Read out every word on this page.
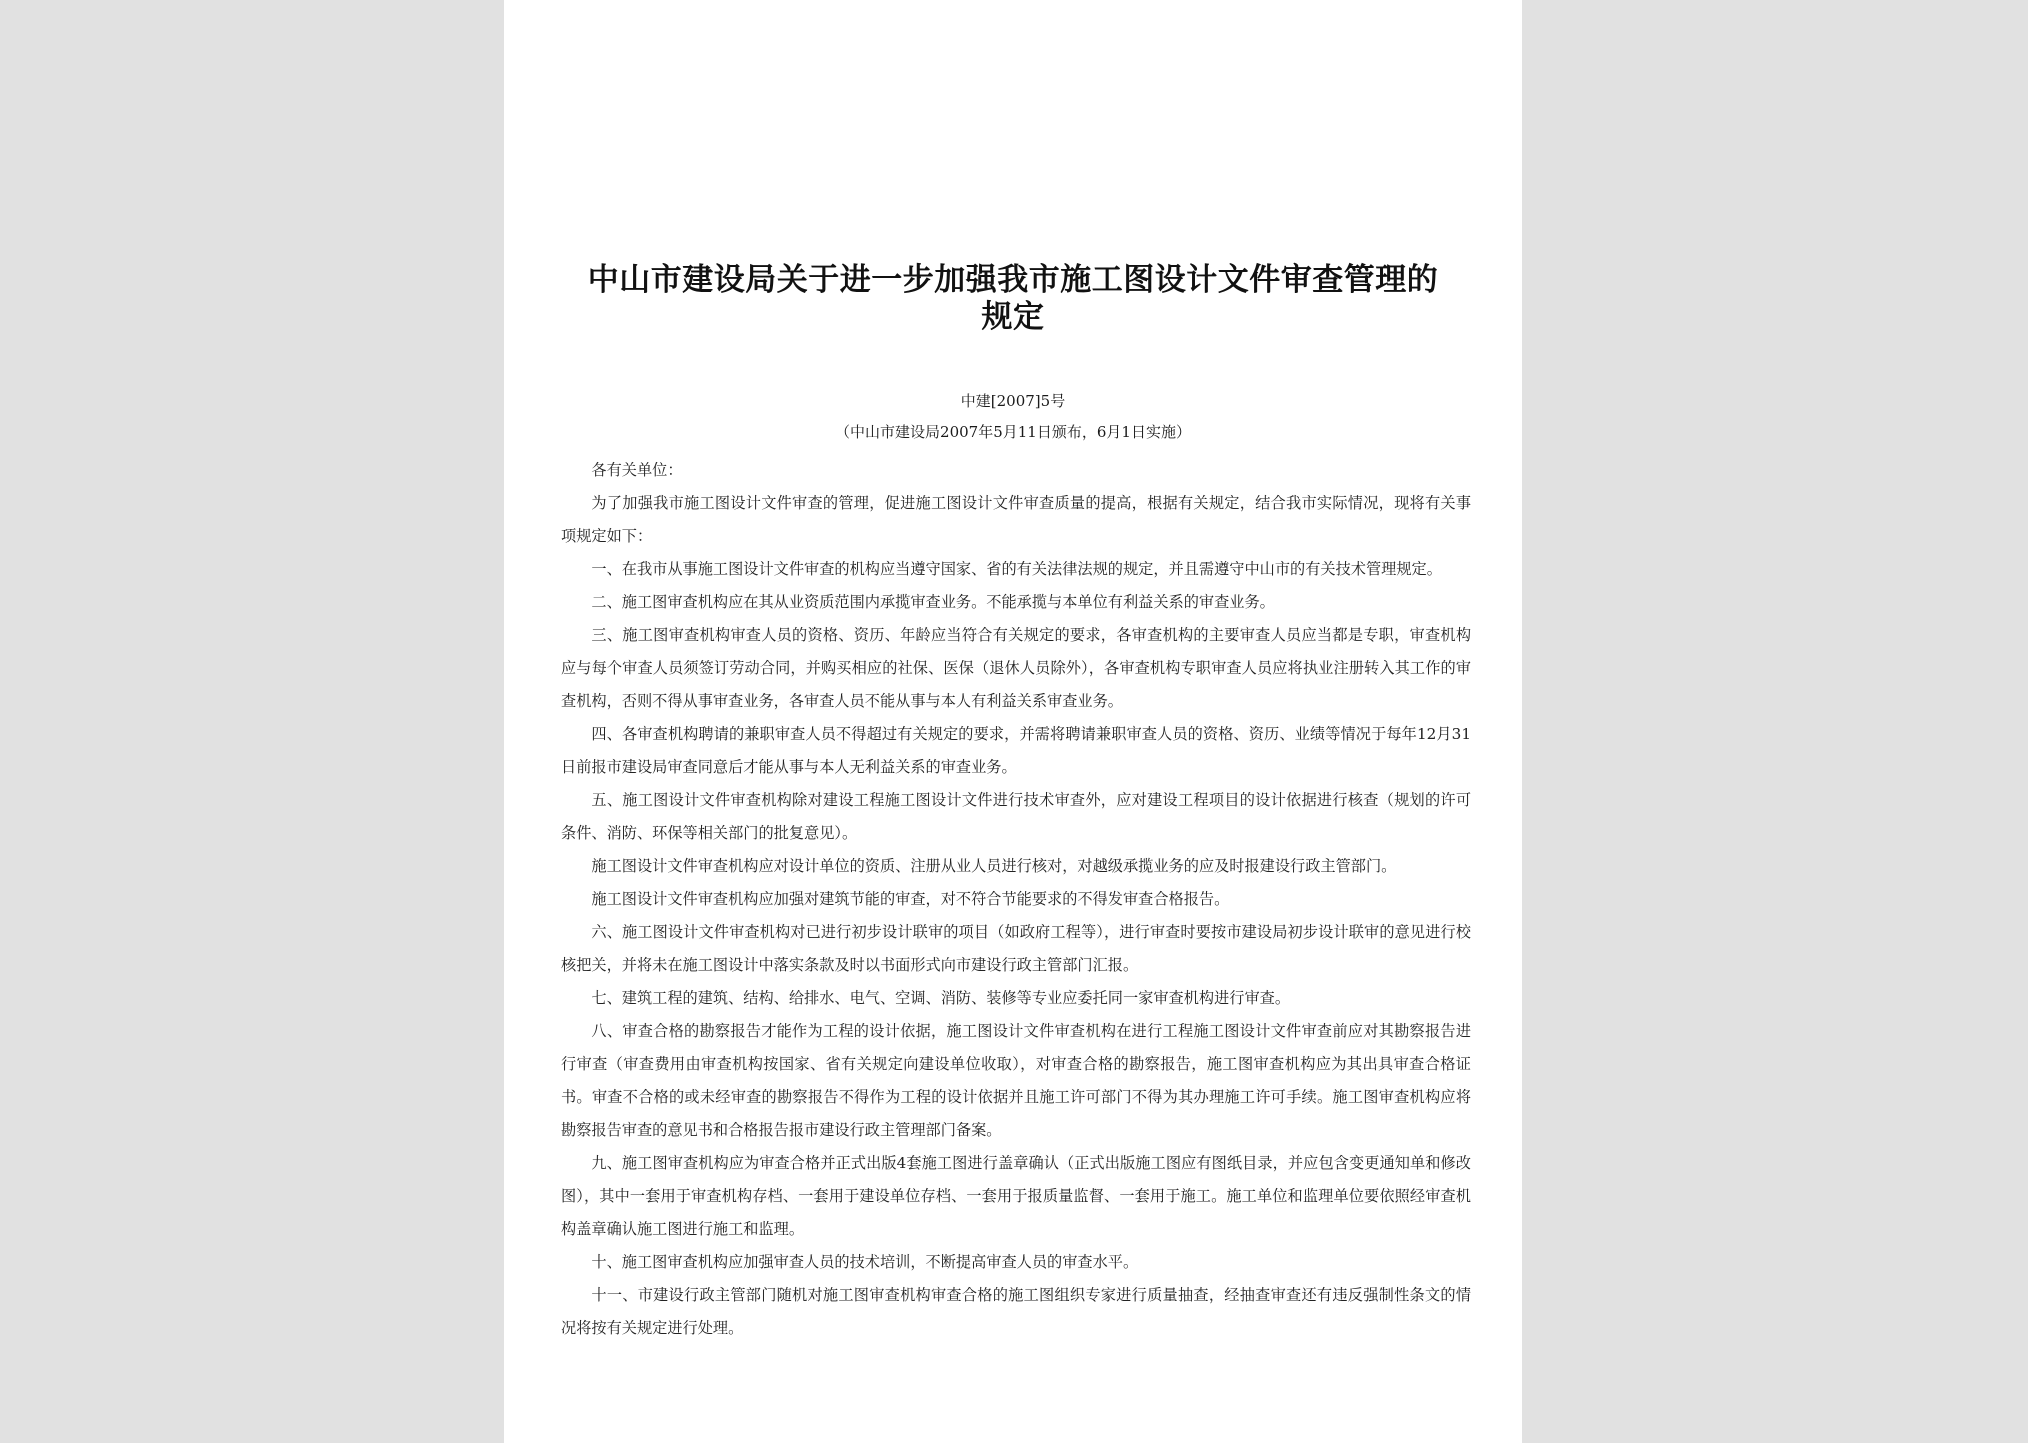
中山市建设局关于进一步加强我市施工图设计文件审查管理的规定
中建[2007]5号
（中山市建设局2007年5月11日颁布，6月1日实施）

各有关单位：

为了加强我市施工图设计文件审查的管理，促进施工图设计文件审查质量的提高，根据有关规定，结合我市实际情况，现将有关事项规定如下：

一、在我市从事施工图设计文件审查的机构应当遵守国家、省的有关法律法规的规定，并且需遵守中山市的有关技术管理规定。

二、施工图审查机构应在其从业资质范围内承揽审查业务。不能承揽与本单位有利益关系的审查业务。

三、施工图审查机构审查人员的资格、资历、年龄应当符合有关规定的要求，各审查机构的主要审查人员应当都是专职，审查机构应与每个审查人员须签订劳动合同，并购买相应的社保、医保（退休人员除外），各审查机构专职审查人员应将执业注册转入其工作的审查机构，否则不得从事审查业务，各审查人员不能从事与本人有利益关系审查业务。

四、各审查机构聘请的兼职审查人员不得超过有关规定的要求，并需将聘请兼职审查人员的资格、资历、业绩等情况于每年12月31日前报市建设局审查同意后才能从事与本人无利益关系的审查业务。

五、施工图设计文件审查机构除对建设工程施工图设计文件进行技术审查外，应对建设工程项目的设计依据进行核查（规划的许可条件、消防、环保等相关部门的批复意见）。

施工图设计文件审查机构应对设计单位的资质、注册从业人员进行核对，对越级承揽业务的应及时报建设行政主管部门。

施工图设计文件审查机构应加强对建筑节能的审查，对不符合节能要求的不得发审查合格报告。

六、施工图设计文件审查机构对已进行初步设计联审的项目（如政府工程等），进行审查时要按市建设局初步设计联审的意见进行校核把关，并将未在施工图设计中落实条款及时以书面形式向市建设行政主管部门汇报。

七、建筑工程的建筑、结构、给排水、电气、空调、消防、装修等专业应委托同一家审查机构进行审查。

八、审查合格的勘察报告才能作为工程的设计依据，施工图设计文件审查机构在进行工程施工图设计文件审查前应对其勘察报告进行审查（审查费用由审查机构按国家、省有关规定向建设单位收取），对审查合格的勘察报告，施工图审查机构应为其出具审查合格证书。审查不合格的或未经审查的勘察报告不得作为工程的设计依据并且施工许可部门不得为其办理施工许可手续。施工图审查机构应将勘察报告审查的意见书和合格报告报市建设行政主管理部门备案。

九、施工图审查机构应为审查合格并正式出版4套施工图进行盖章确认（正式出版施工图应有图纸目录，并应包含变更通知单和修改图），其中一套用于审查机构存档、一套用于建设单位存档、一套用于报质量监督、一套用于施工。施工单位和监理单位要依照经审查机构盖章确认施工图进行施工和监理。

十、施工图审查机构应加强审查人员的技术培训，不断提高审查人员的审查水平。

十一、市建设行政主管部门随机对施工图审查机构审查合格的施工图组织专家进行质量抽查，经抽查审查还有违反强制性条文的情况将按有关规定进行处理。
